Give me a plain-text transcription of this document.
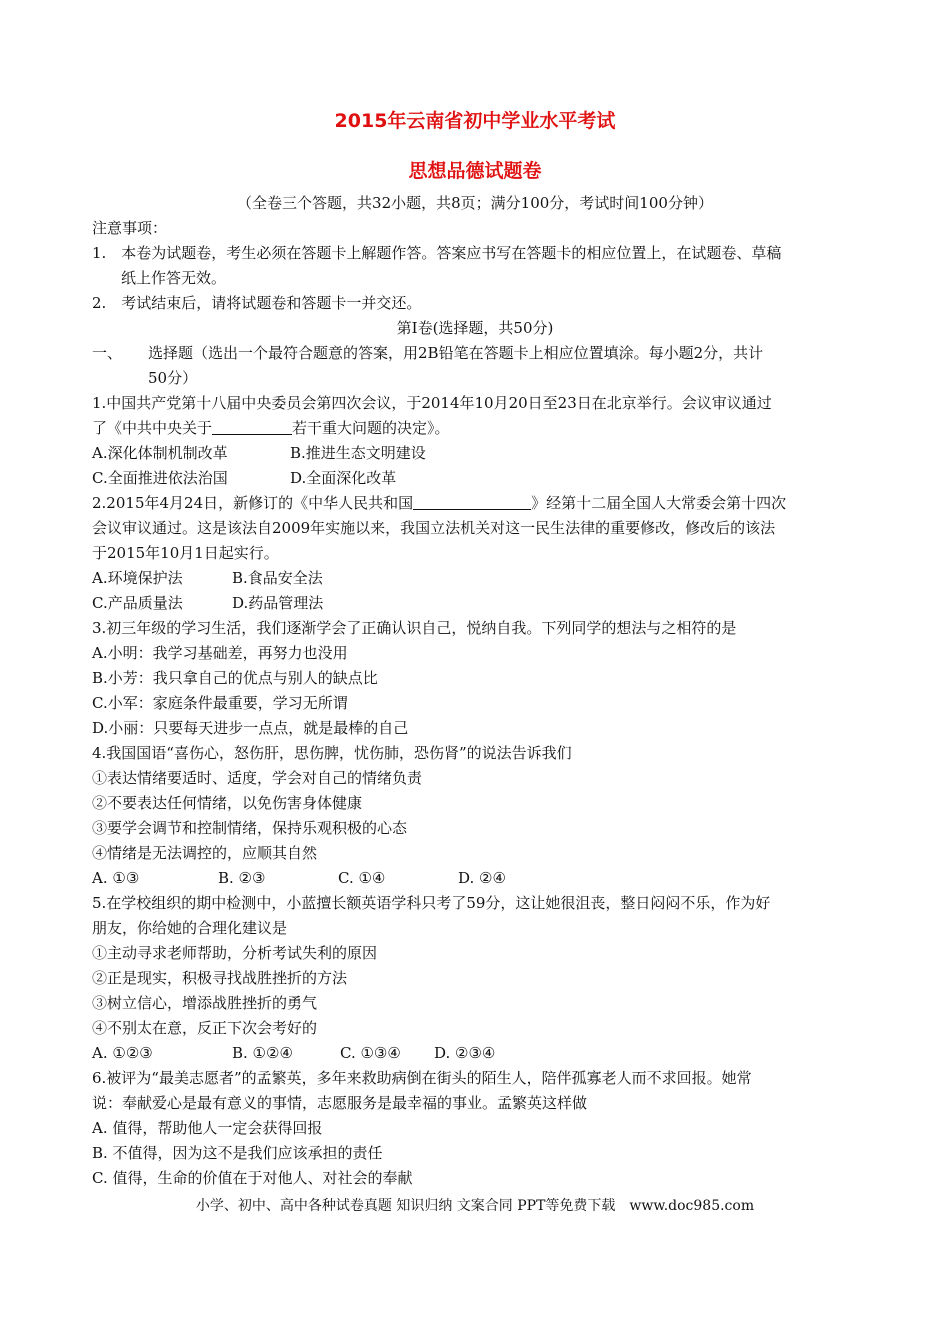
2015年云南省初中学业水平考试
思想品德试题卷
（全卷三个答题，共32小题，共8页；满分100分，考试时间100分钟）
注意事项：
1.　本卷为试题卷，考生必须在答题卡上解题作答。答案应书写在答题卡的相应位置上，在试题卷、草稿
纸上作答无效。
2.　考试结束后，请将试题卷和答题卡一并交还。
第Ⅰ卷(选择题，共50分)
一、	选择题（选出一个最符合题意的答案，用2B铅笔在答题卡上相应位置填涂。每小题2分，共计
50分）
1.中国共产党第十八届中央委员会第四次会议，于2014年10月20日至23日在北京举行。会议审议通过
了《中共中央关于	若干重大问题的决定》。
A.深化体制机制改革	B.推进生态文明建设
C.全面推进依法治国	D.全面深化改革
2.2015年4月24日，新修订的《中华人民共和国	》经第十二届全国人大常委会第十四次
会议审议通过。这是该法自2009年实施以来，我国立法机关对这一民生法律的重要修改，修改后的该法
于2015年10月1日起实行。
A.环境保护法	B.食品安全法
C.产品质量法	D.药品管理法
3.初三年级的学习生活，我们逐渐学会了正确认识自己，悦纳自我。下列同学的想法与之相符的是
A.小明：我学习基础差，再努力也没用
B.小芳：我只拿自己的优点与别人的缺点比
C.小军：家庭条件最重要，学习无所谓
D.小丽：只要每天进步一点点，就是最棒的自己
4.我国国语“喜伤心，怒伤肝，思伤脾，忧伤肺，恐伤肾”的说法告诉我们
①表达情绪要适时、适度，学会对自己的情绪负责
②不要表达任何情绪，以免伤害身体健康
③要学会调节和控制情绪，保持乐观积极的心态
④情绪是无法调控的，应顺其自然
A. ①③	B. ②③	C. ①④	D. ②④
5.在学校组织的期中检测中，小蓝擅长额英语学科只考了59分，这让她很沮丧，整日闷闷不乐，作为好
朋友，你给她的合理化建议是
①主动寻求老师帮助，分析考试失利的原因
②正是现实，积极寻找战胜挫折的方法
③树立信心，增添战胜挫折的勇气
④不别太在意，反正下次会考好的
A. ①②③	B. ①②④	C. ①③④ D. ②③④
6.被评为“最美志愿者”的孟繁英，多年来救助病倒在街头的陌生人，陪伴孤寡老人而不求回报。她常
说：奉献爱心是最有意义的事情，志愿服务是最幸福的事业。孟繁英这样做
A. 值得，帮助他人一定会获得回报
B. 不值得，因为这不是我们应该承担的责任
C. 值得，生命的价值在于对他人、对社会的奉献
小学、初中、高中各种试卷真题 知识归纳 文案合同 PPT等免费下载　www.doc985.com
